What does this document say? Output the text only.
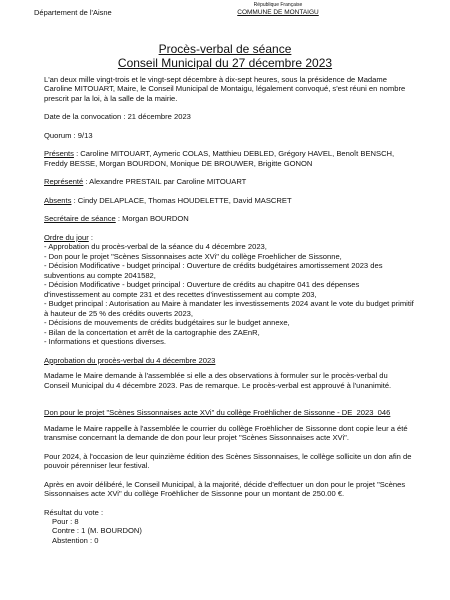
Département de l'Aisne
République Française
COMMUNE DE MONTAIGU
Procès-verbal de séance
Conseil Municipal du 27 décembre 2023

L'an deux mille vingt-trois et le vingt-sept décembre à dix-sept heures, sous la présidence de Madame Caroline MITOUART, Maire, le Conseil Municipal de Montaigu, légalement convoqué, s'est réuni en nombre prescrit par la loi, à la salle de la mairie.

Date de la convocation : 21 décembre 2023

Quorum : 9/13

Présents : Caroline MITOUART, Aymeric COLAS, Matthieu DEBLED, Grégory HAVEL, Benoît BENSCH, Freddy BESSE, Morgan BOURDON, Monique DE BROUWER, Brigitte GONON

Représenté : Alexandre PRESTAIL par Caroline MITOUART

Absents : Cindy DELAPLACE, Thomas HOUDELETTE, David MASCRET

Secrétaire de séance : Morgan BOURDON

Ordre du jour :

- Approbation du procès-verbal de la séance du 4 décembre 2023,

- Don pour le projet "Scènes Sissonnaises acte XVi" du collège Froehlicher de Sissonne,

- Décision Modificative - budget principal : Ouverture de crédits budgétaires amortissement 2023 des subventions au compte 2041582,

- Décision Modificative - budget principal : Ouverture de crédits au chapitre 041 des dépenses d'investissement au compte 231 et des recettes d'investissement au compte 203,

- Budget principal : Autorisation au Maire à mandater les investissements 2024 avant le vote du budget primitif à hauteur de 25 % des crédits ouverts 2023,

- Décisions de mouvements de crédits budgétaires sur le budget annexe,

- Bilan de la concertation et arrêt de la cartographie des ZAEnR,

- Informations et questions diverses.

Approbation du procès-verbal du 4 décembre 2023

Madame le Maire demande à l'assemblée si elle a des observations à formuler sur le procès-verbal du Conseil Municipal du 4 décembre 2023. Pas de remarque. Le procès-verbal est approuvé à l'unanimité.

Don pour le projet "Scènes Sissonnaises acte XVi" du collège Froëhlicher de Sissonne - DE_2023_046

Madame le Maire rappelle à l'assemblée le courrier du collège Froëhlicher de Sissonne dont copie leur a été transmise concernant la demande de don pour leur projet "Scènes Sissonnaises acte XVi".

Pour 2024, à l'occasion de leur quinzième édition des Scènes Sissonnaises, le collège sollicite un don afin de pouvoir pérenniser leur festival.

Après en avoir délibéré, le Conseil Municipal, à la majorité, décide d'effectuer un don pour le projet "Scènes Sissonnaises acte XVi" du collège Froëhlicher de Sissonne pour un montant de 250.00 €.

Résultat du vote :

Pour : 8

Contre : 1 (M. BOURDON)

Abstention : 0
